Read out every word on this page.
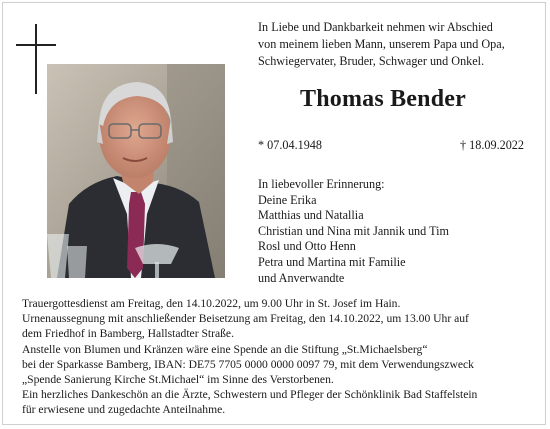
In Liebe und Dankbarkeit nehmen wir Abschied
von meinem lieben Mann, unserem Papa und Opa,
Schwiegervater, Bruder, Schwager und Onkel.
Thomas Bender
* 07.04.1948	† 18.09.2022
In liebevoller Erinnerung:
Deine Erika
Matthias und Natallia
Christian und Nina mit Jannik und Tim
Rosl und Otto Henn
Petra und Martina mit Familie
und Anverwandte
Trauergottesdienst am Freitag, den 14.10.2022, um 9.00 Uhr in St. Josef im Hain.
Urnenaussegnung mit anschließender Beisetzung am Freitag, den 14.10.2022, um 13.00 Uhr auf
dem Friedhof in Bamberg, Hallstadter Straße.
Anstelle von Blumen und Kränzen wäre eine Spende an die Stiftung „St.Michaelsberg“
bei der Sparkasse Bamberg, IBAN: DE75 7705 0000 0000 0097 79, mit dem Verwendungszweck
„Spende Sanierung Kirche St.Michael“ im Sinne des Verstorbenen.
Ein herzliches Dankeschön an die Ärzte, Schwestern und Pfleger der Schönklinik Bad Staffelstein
für erwiesene und zugedachte Anteilnahme.
